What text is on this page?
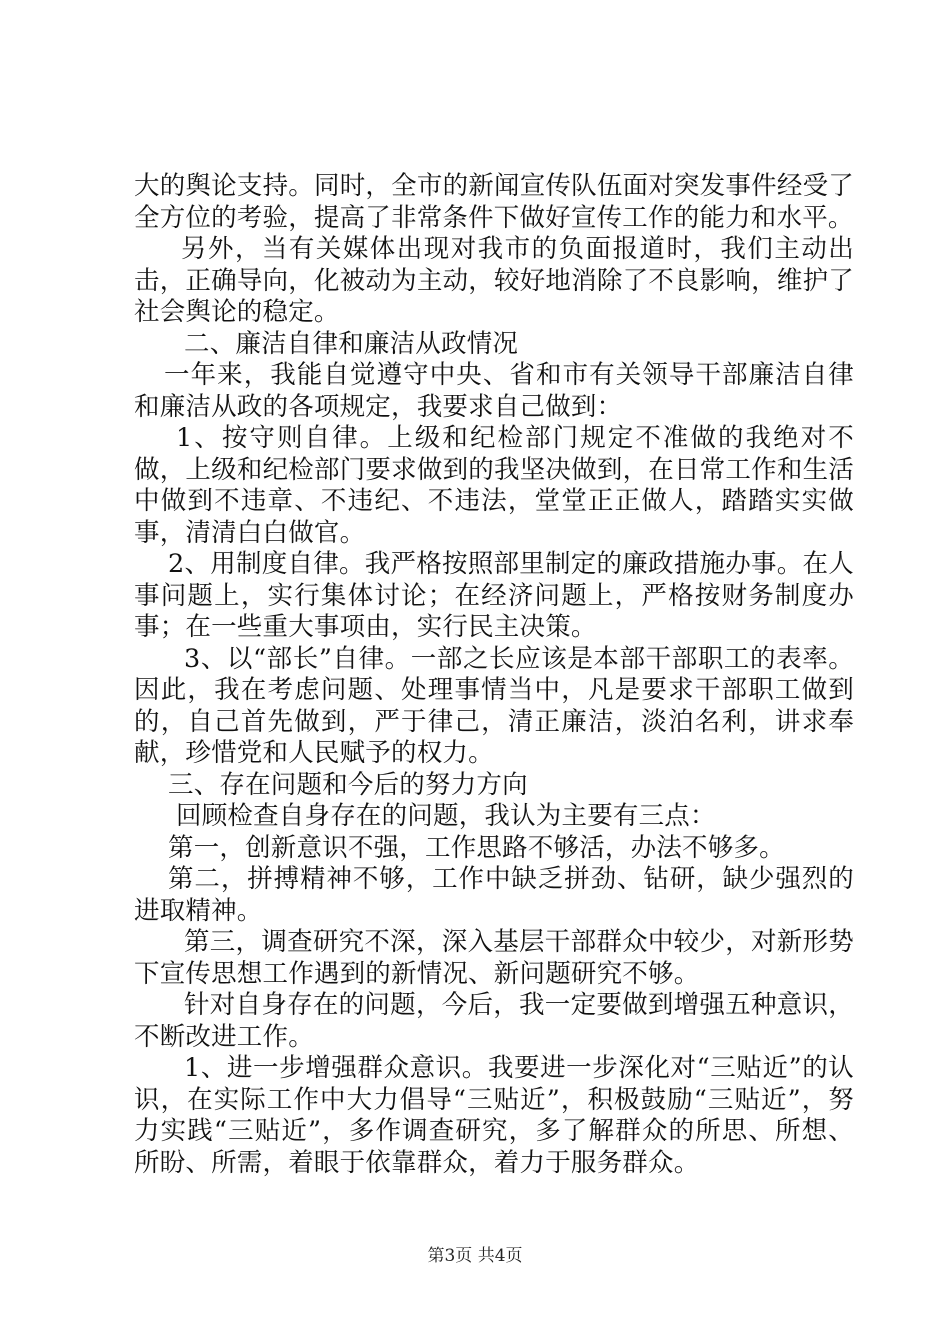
大的舆论支持。同时，全市的新闻宣传队伍面对突发事件经受了全方位的考验，提高了非常条件下做好宣传工作的能力和水平。

另外，当有关媒体出现对我市的负面报道时，我们主动出击，正确导向，化被动为主动，较好地消除了不良影响，维护了社会舆论的稳定。

二、廉洁自律和廉洁从政情况

一年来，我能自觉遵守中央、省和市有关领导干部廉洁自律和廉洁从政的各项规定，我要求自己做到：

1、按守则自律。上级和纪检部门规定不准做的我绝对不做，上级和纪检部门要求做到的我坚决做到，在日常工作和生活中做到不违章、不违纪、不违法，堂堂正正做人，踏踏实实做事，清清白白做官。

2、用制度自律。我严格按照部里制定的廉政措施办事。在人事问题上，实行集体讨论；在经济问题上，严格按财务制度办事；在一些重大事项由，实行民主决策。

3、以“部长”自律。一部之长应该是本部干部职工的表率。因此，我在考虑问题、处理事情当中，凡是要求干部职工做到的，自己首先做到，严于律己，清正廉洁，淡泊名利，讲求奉献，珍惜党和人民赋予的权力。

三、存在问题和今后的努力方向

回顾检查自身存在的问题，我认为主要有三点：

第一，创新意识不强，工作思路不够活，办法不够多。

第二，拼搏精神不够，工作中缺乏拼劲、钻研，缺少强烈的进取精神。

第三，调查研究不深，深入基层干部群众中较少，对新形势下宣传思想工作遇到的新情况、新问题研究不够。

针对自身存在的问题，今后，我一定要做到增强五种意识，不断改进工作。

1、进一步增强群众意识。我要进一步深化对“三贴近”的认识，在实际工作中大力倡导“三贴近”，积极鼓励“三贴近”，努力实践“三贴近”，多作调查研究，多了解群众的所思、所想、所盼、所需，着眼于依靠群众，着力于服务群众。

第3页 共4页
